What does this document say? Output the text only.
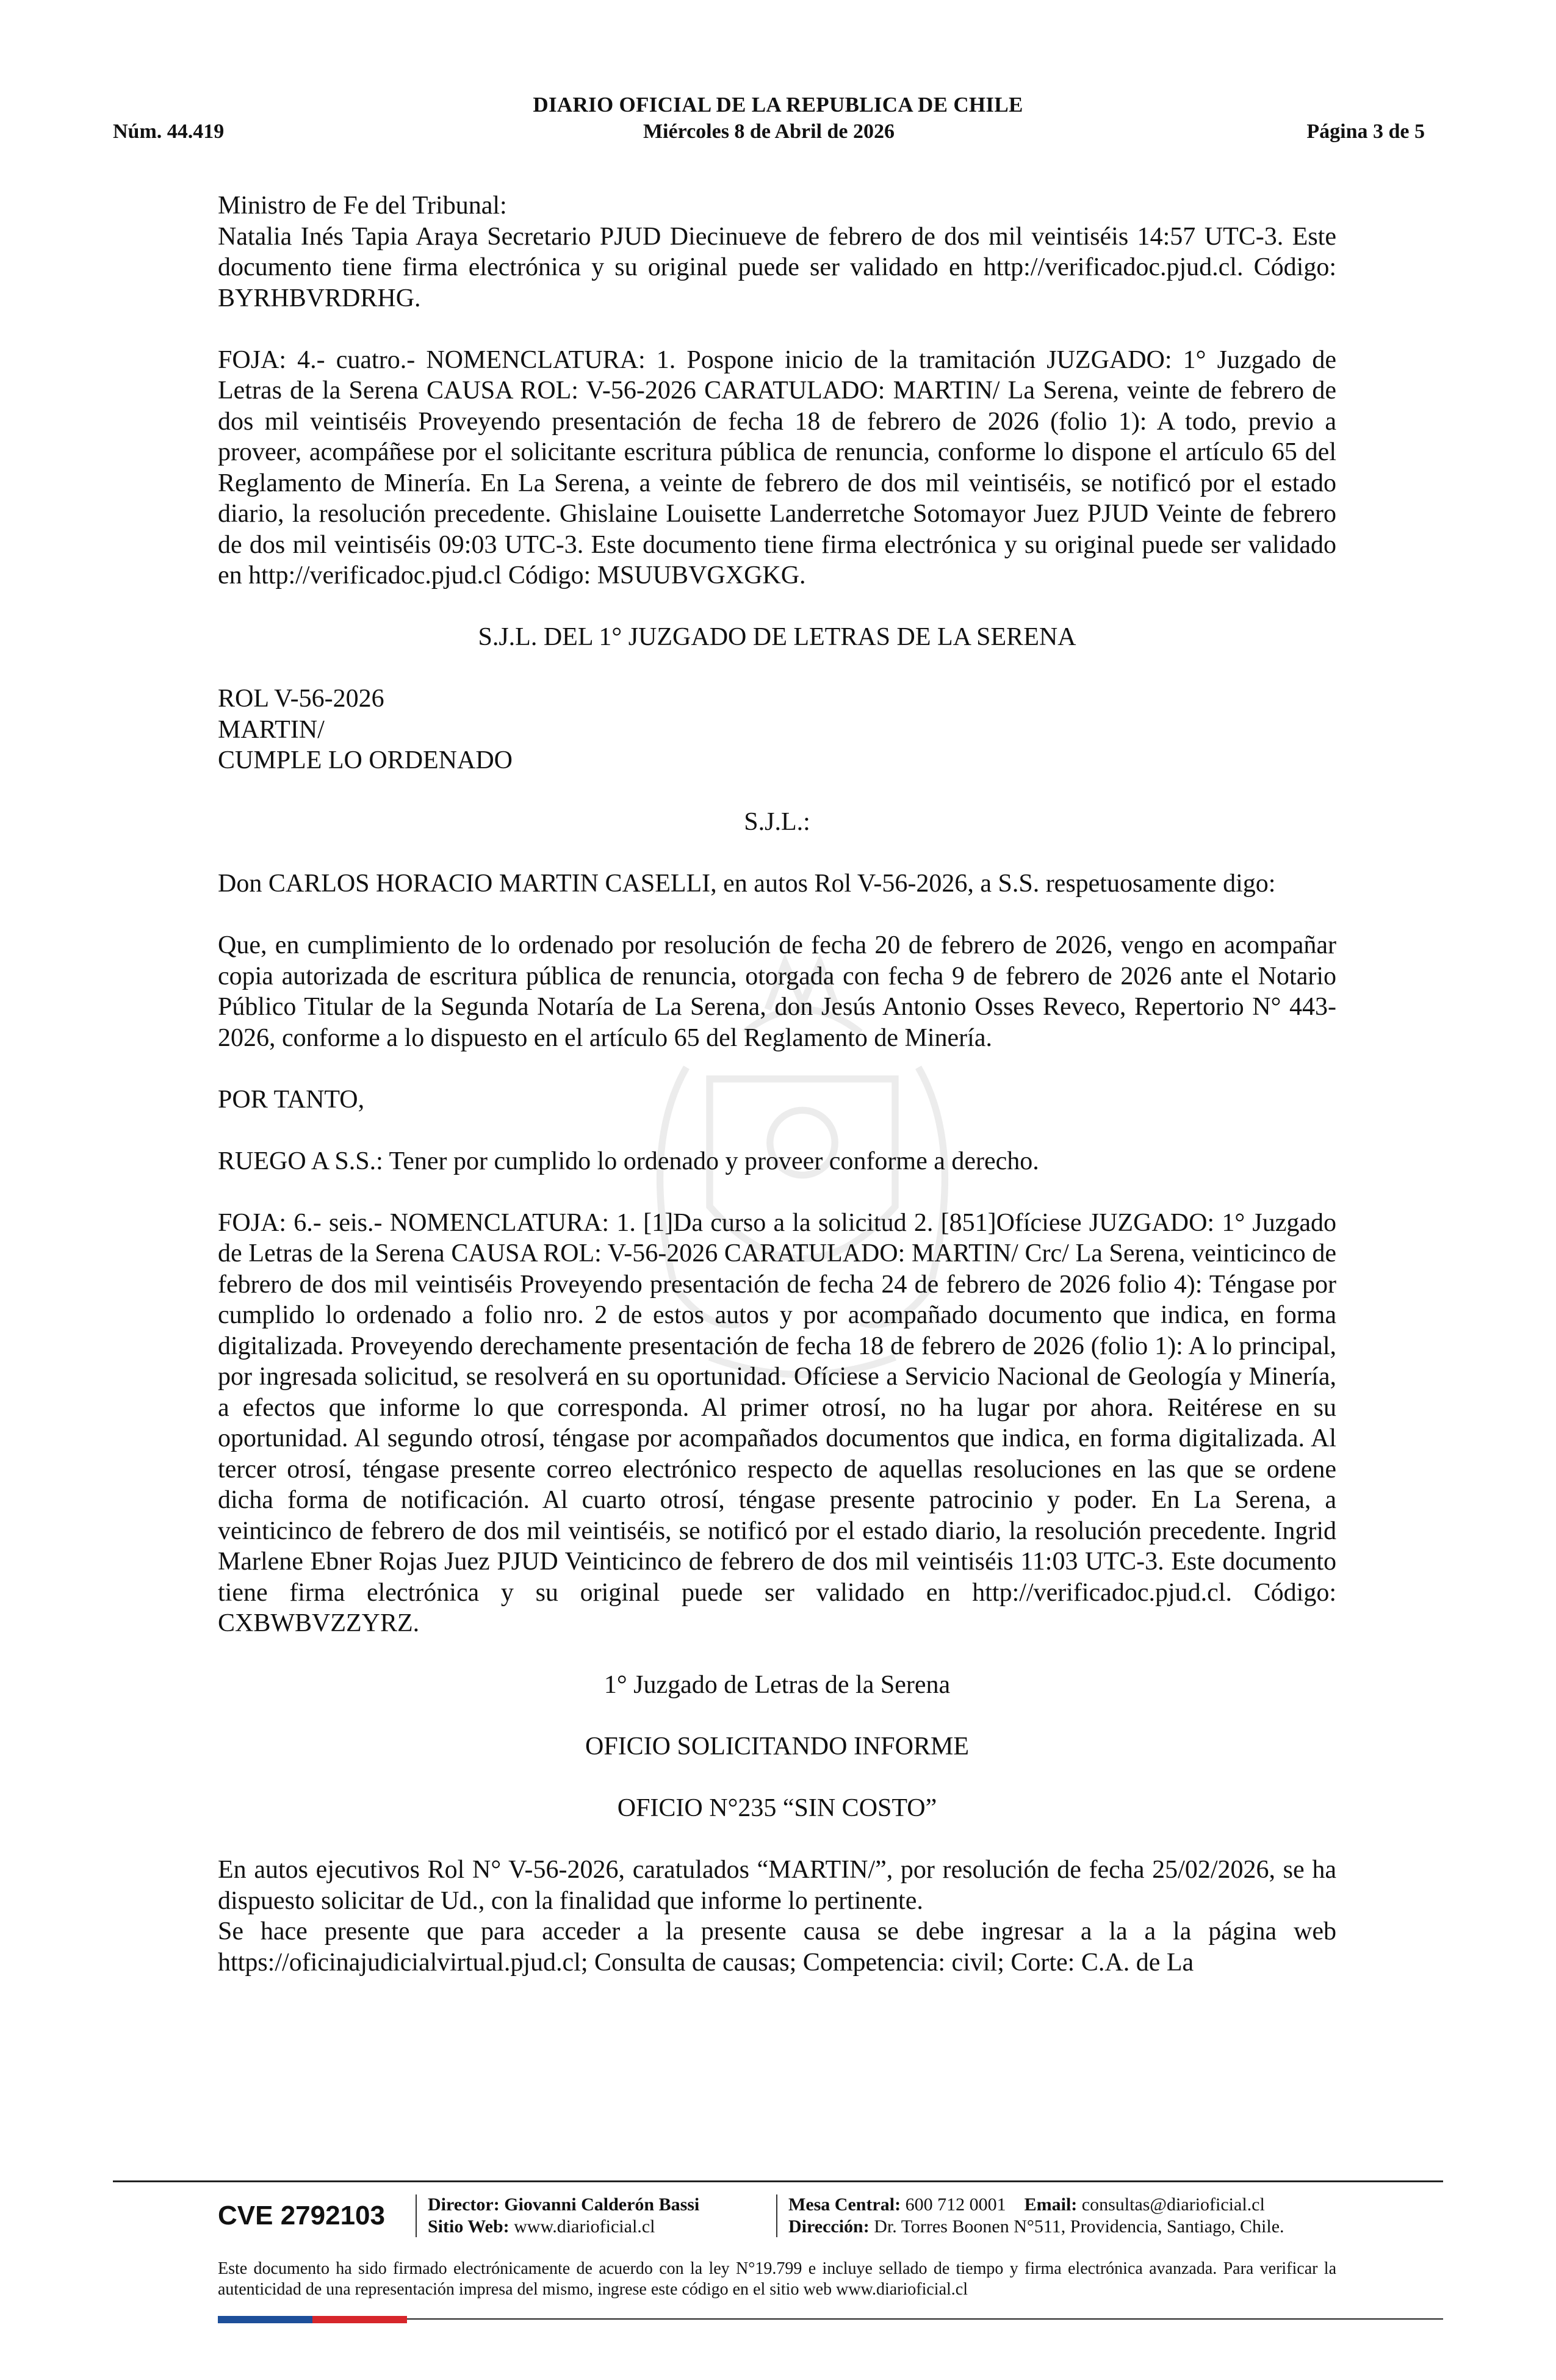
DIARIO OFICIAL DE LA REPUBLICA DE CHILE
Núm. 44.419	Miércoles 8 de Abril de 2026	Página 3 de 5

Ministro de Fe del Tribunal:

Natalia Inés Tapia Araya Secretario PJUD Diecinueve de febrero de dos mil veintiséis 14:57 UTC-3. Este documento tiene firma electrónica y su original puede ser validado en http://verificadoc.pjud.cl. Código: BYRHBVRDRHG.

FOJA: 4.- cuatro.- NOMENCLATURA: 1. Pospone inicio de la tramitación JUZGADO: 1° Juzgado de Letras de la Serena CAUSA ROL: V-56-2026 CARATULADO: MARTIN/ La Serena, veinte de febrero de dos mil veintiséis Proveyendo presentación de fecha 18 de febrero de 2026 (folio 1): A todo, previo a proveer, acompáñese por el solicitante escritura pública de renuncia, conforme lo dispone el artículo 65 del Reglamento de Minería. En La Serena, a veinte de febrero de dos mil veintiséis, se notificó por el estado diario, la resolución precedente. Ghislaine Louisette Landerretche Sotomayor Juez PJUD Veinte de febrero de dos mil veintiséis 09:03 UTC-3. Este documento tiene firma electrónica y su original puede ser validado en http://verificadoc.pjud.cl Código: MSUUBVGXGKG.

S.J.L. DEL 1° JUZGADO DE LETRAS DE LA SERENA

ROL V-56-2026

MARTIN/

CUMPLE LO ORDENADO

S.J.L.:

Don CARLOS HORACIO MARTIN CASELLI, en autos Rol V-56-2026, a S.S. respetuosamente digo:

Que, en cumplimiento de lo ordenado por resolución de fecha 20 de febrero de 2026, vengo en acompañar copia autorizada de escritura pública de renuncia, otorgada con fecha 9 de febrero de 2026 ante el Notario Público Titular de la Segunda Notaría de La Serena, don Jesús Antonio Osses Reveco, Repertorio N° 443-2026, conforme a lo dispuesto en el artículo 65 del Reglamento de Minería.

POR TANTO,

RUEGO A S.S.: Tener por cumplido lo ordenado y proveer conforme a derecho.

FOJA: 6.- seis.- NOMENCLATURA: 1. [1]Da curso a la solicitud 2. [851]Ofíciese JUZGADO: 1° Juzgado de Letras de la Serena CAUSA ROL: V-56-2026 CARATULADO: MARTIN/ Crc/ La Serena, veinticinco de febrero de dos mil veintiséis Proveyendo presentación de fecha 24 de febrero de 2026 folio 4): Téngase por cumplido lo ordenado a folio nro. 2 de estos autos y por acompañado documento que indica, en forma digitalizada. Proveyendo derechamente presentación de fecha 18 de febrero de 2026 (folio 1): A lo principal, por ingresada solicitud, se resolverá en su oportunidad. Ofíciese a Servicio Nacional de Geología y Minería, a efectos que informe lo que corresponda. Al primer otrosí, no ha lugar por ahora. Reitérese en su oportunidad. Al segundo otrosí, téngase por acompañados documentos que indica, en forma digitalizada. Al tercer otrosí, téngase presente correo electrónico respecto de aquellas resoluciones en las que se ordene dicha forma de notificación. Al cuarto otrosí, téngase presente patrocinio y poder. En La Serena, a veinticinco de febrero de dos mil veintiséis, se notificó por el estado diario, la resolución precedente. Ingrid Marlene Ebner Rojas Juez PJUD Veinticinco de febrero de dos mil veintiséis 11:03 UTC-3. Este documento tiene firma electrónica y su original puede ser validado en http://verificadoc.pjud.cl. Código: CXBWBVZZYRZ.

1° Juzgado de Letras de la Serena

OFICIO SOLICITANDO INFORME

OFICIO N°235 “SIN COSTO”

En autos ejecutivos Rol N° V-56-2026, caratulados “MARTIN/”, por resolución de fecha 25/02/2026, se ha dispuesto solicitar de Ud., con la finalidad que informe lo pertinente.

Se hace presente que para acceder a la presente causa se debe ingresar a la a la página web https://oficinajudicialvirtual.pjud.cl; Consulta de causas; Competencia: civil; Corte: C.A. de La

CVE 2792103	Director: Giovanni Calderón Bassi
Sitio Web: www.diarioficial.cl
Mesa Central: 600 712 0001 Email: consultas@diarioficial.cl
Dirección: Dr. Torres Boonen N°511, Providencia, Santiago, Chile.
Este documento ha sido firmado electrónicamente de acuerdo con la ley N°19.799 e incluye sellado de tiempo y firma electrónica avanzada. Para verificar la autenticidad de una representación impresa del mismo, ingrese este código en el sitio web www.diarioficial.cl
